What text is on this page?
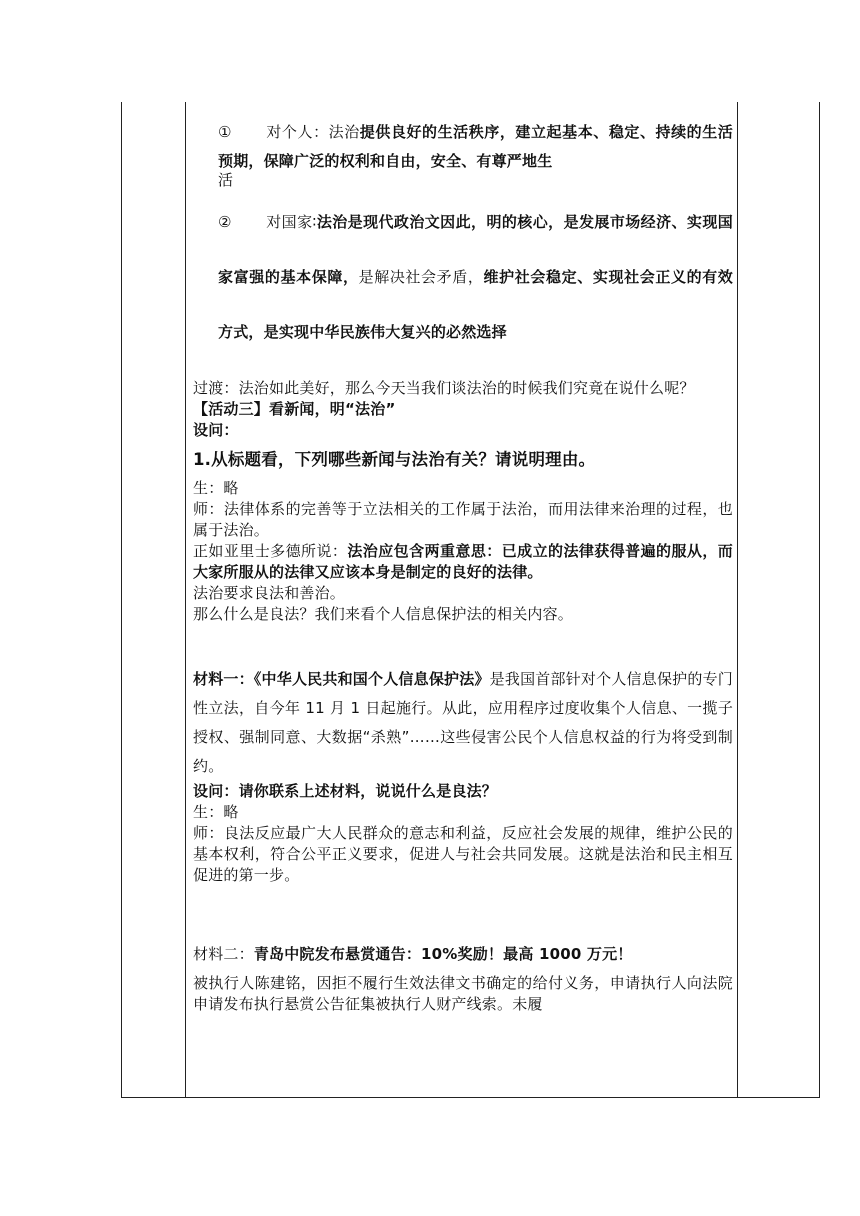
① 对个人：法治提供良好的生活秩序，建立起基本、稳定、持续的生活预期，保障广泛的权利和自由，安全、有尊严地生

活

② 对国家∶法治是现代政治文因此，明的核心，是发展市场经济、实现国家富强的基本保障，是解决社会矛盾，维护社会稳定、实现社会正义的有效方式，是实现中华民族伟大复兴的必然选择

过渡：法治如此美好，那么今天当我们谈法治的时候我们究竟在说什么呢？

【活动三】看新闻，明“法治”

设问：

1.从标题看，下列哪些新闻与法治有关？请说明理由。

生：略

师：法律体系的完善等于立法相关的工作属于法治，而用法律来治理的过程，也属于法治。

正如亚里士多德所说：法治应包含两重意思：已成立的法律获得普遍的服从，而大家所服从的法律又应该本身是制定的良好的法律。

法治要求良法和善治。

那么什么是良法？我们来看个人信息保护法的相关内容。

材料一：《中华人民共和国个人信息保护法》是我国首部针对个人信息保护的专门性立法，自今年 11 月 1 日起施行。从此，应用程序过度收集个人信息、一揽子授权、强制同意、大数据“杀熟”……这些侵害公民个人信息权益的行为将受到制约。

设问：请你联系上述材料，说说什么是良法？

生：略

师：良法反应最广大人民群众的意志和利益，反应社会发展的规律，维护公民的基本权利，符合公平正义要求，促进人与社会共同发展。这就是法治和民主相互促进的第一步。

材料二：青岛中院发布悬赏通告：10%奖励！最高 1000 万元！

被执行人陈建铭，因拒不履行生效法律文书确定的给付义务，申请执行人向法院申请发布执行悬赏公告征集被执行人财产线索。未履
